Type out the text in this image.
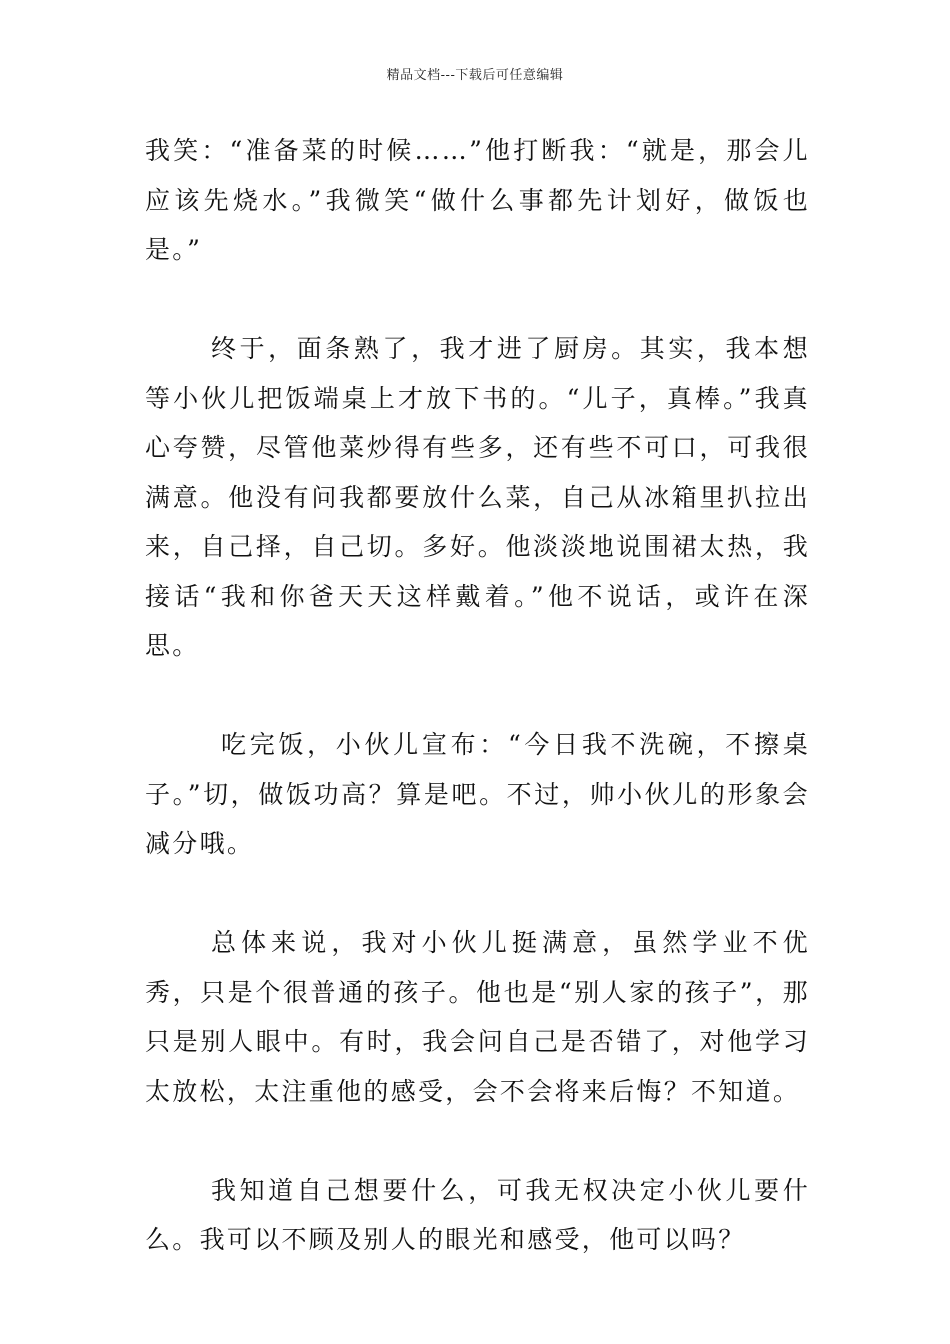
精品文档---下载后可任意编辑

我笑：“准备菜的时候……”他打断我：“就是，那会儿应该先烧水。”我微笑“做什么事都先计划好，做饭也是。”

终于，面条熟了，我才进了厨房。其实，我本想等小伙儿把饭端桌上才放下书的。“儿子，真棒。”我真心夸赞，尽管他菜炒得有些多，还有些不可口，可我很满意。他没有问我都要放什么菜，自己从冰箱里扒拉出来，自己择，自己切。多好。他淡淡地说围裙太热，我接话“我和你爸天天这样戴着。”他不说话，或许在深思。

吃完饭，小伙儿宣布：“今日我不洗碗，不擦桌子。”切，做饭功高？算是吧。不过，帅小伙儿的形象会减分哦。

总体来说，我对小伙儿挺满意，虽然学业不优秀，只是个很普通的孩子。他也是“别人家的孩子”，那只是别人眼中。有时，我会问自己是否错了，对他学习太放松，太注重他的感受，会不会将来后悔？不知道。

我知道自己想要什么，可我无权决定小伙儿要什么。我可以不顾及别人的眼光和感受，他可以吗？
